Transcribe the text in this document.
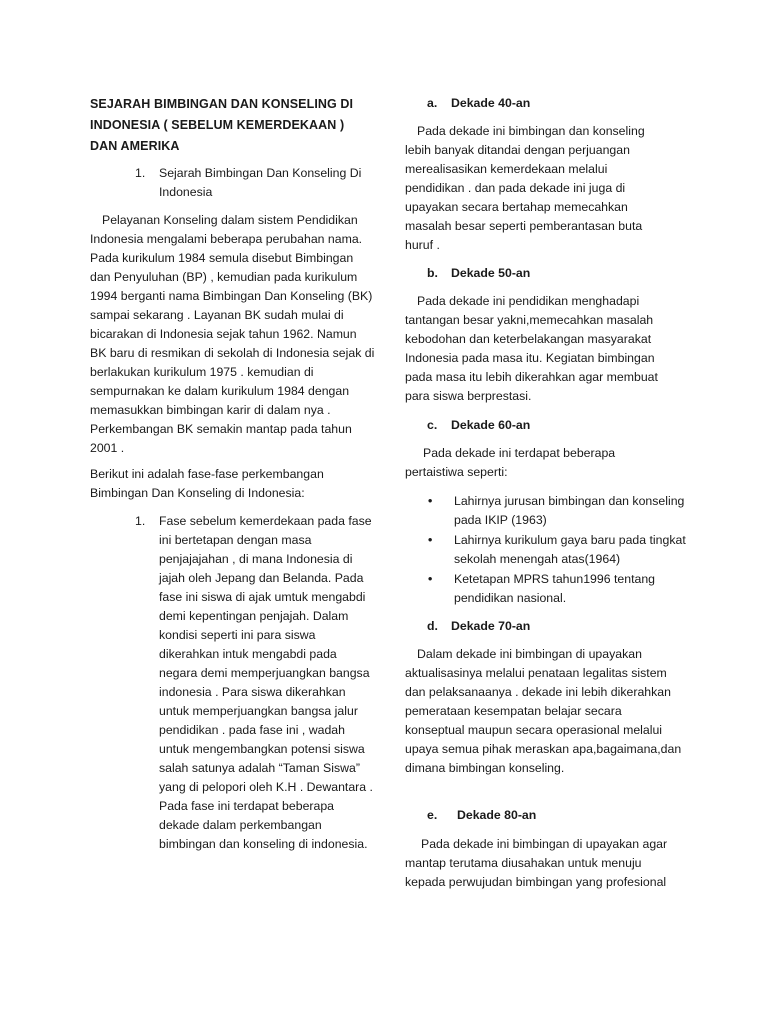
SEJARAH BIMBINGAN DAN KONSELING DI INDONESIA ( SEBELUM KEMERDEKAAN ) DAN AMERIKA
1. Sejarah Bimbingan Dan Konseling Di Indonesia

Pelayanan Konseling dalam sistem Pendidikan Indonesia mengalami beberapa perubahan nama. Pada kurikulum 1984 semula disebut Bimbingan dan Penyuluhan (BP) , kemudian pada kurikulum 1994 berganti nama Bimbingan Dan Konseling (BK) sampai sekarang . Layanan BK sudah mulai di bicarakan di Indonesia sejak tahun 1962. Namun BK baru di resmikan di sekolah di Indonesia sejak di berlakukan kurikulum 1975 . kemudian di sempurnakan ke dalam kurikulum 1984 dengan memasukkan bimbingan karir di dalam nya . Perkembangan BK semakin mantap pada tahun 2001 .

Berikut ini adalah fase-fase perkembangan Bimbingan Dan Konseling di Indonesia:

1. Fase sebelum kemerdekaan pada fase ini bertetapan dengan masa penjajajahan , di mana Indonesia di jajah oleh Jepang dan Belanda. Pada fase ini siswa di ajak umtuk mengabdi demi kepentingan penjajah. Dalam kondisi seperti ini para siswa dikerahkan intuk mengabdi pada negara demi memperjuangkan bangsa indonesia . Para siswa dikerahkan untuk memperjuangkan bangsa jalur pendidikan . pada fase ini , wadah untuk mengembangkan potensi siswa salah satunya adalah “Taman Siswa” yang di pelopori oleh K.H . Dewantara . Pada fase ini terdapat beberapa dekade dalam perkembangan bimbingan dan konseling di indonesia.
a. Dekade 40-an

Pada dekade ini bimbingan dan konseling lebih banyak ditandai dengan perjuangan merealisasikan kemerdekaan melalui pendidikan . dan pada dekade ini juga di upayakan secara bertahap memecahkan masalah besar seperti pemberantasan buta huruf .

b. Dekade 50-an

Pada dekade ini pendidikan menghadapi tantangan besar yakni,memecahkan masalah kebodohan dan keterbelakangan masyarakat Indonesia pada masa itu. Kegiatan bimbingan pada masa itu lebih dikerahkan agar membuat para siswa berprestasi.

c. Dekade 60-an

Pada dekade ini terdapat beberapa pertaistiwa seperti:

• Lahirnya jurusan bimbingan dan konseling pada IKIP (1963)
• Lahirnya kurikulum gaya baru pada tingkat sekolah menengah atas(1964)
• Ketetapan MPRS tahun1996 tentang pendidikan nasional.
d. Dekade 70-an

Dalam dekade ini bimbingan di upayakan aktualisasinya melalui penataan legalitas sistem dan pelaksanaanya . dekade ini lebih dikerahkan pemerataan kesempatan belajar secara konseptual maupun secara operasional melalui upaya semua pihak meraskan apa,bagaimana,dan dimana bimbingan konseling.

e. Dekade 80-an

Pada dekade ini bimbingan di upayakan agar mantap terutama diusahakan untuk menuju kepada perwujudan bimbingan yang profesional
